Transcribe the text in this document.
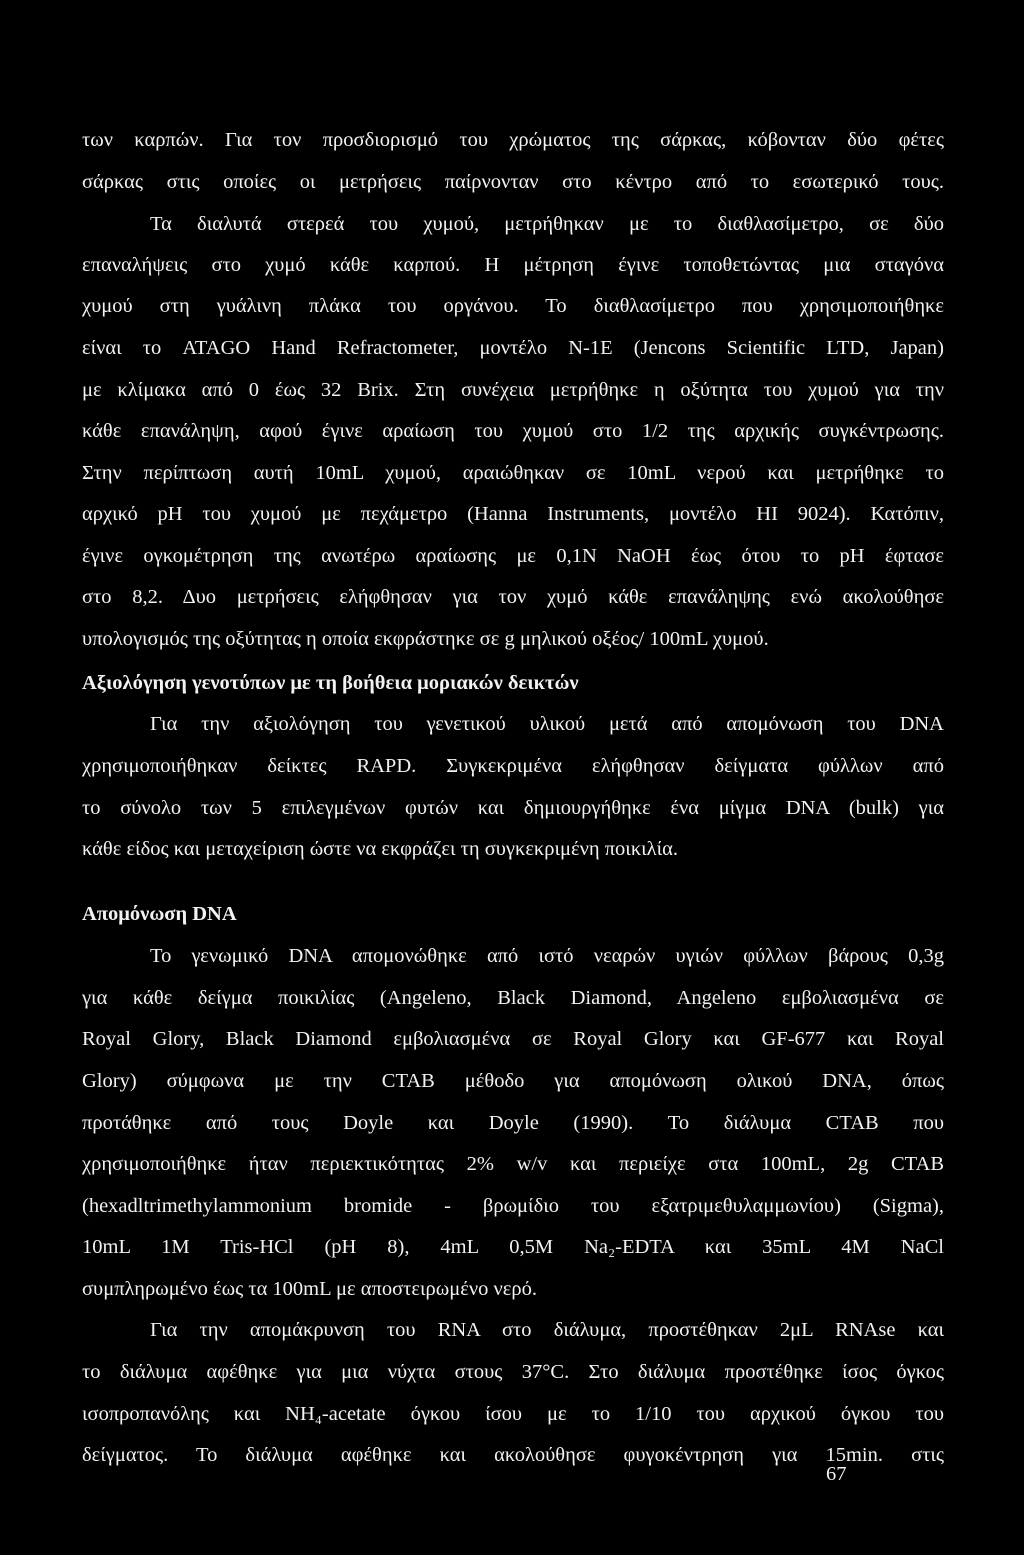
των καρπών. Για τον προσδιορισμό του χρώματος της σάρκας, κόβονταν δύο φέτες
σάρκας στις οποίες οι μετρήσεις παίρνονταν στο κέντρο από το εσωτερικό τους.
Τα διαλυτά στερεά του χυμού, μετρήθηκαν με το διαθλασίμετρο, σε δύο
επαναλήψεις στο χυμό κάθε καρπού. Η μέτρηση έγινε τοποθετώντας μια σταγόνα
χυμού στη γυάλινη πλάκα του οργάνου. Το διαθλασίμετρο που χρησιμοποιήθηκε
είναι το ATAGO Hand Refractometer, μοντέλο N-1E (Jencons Scientific LTD, Japan)
με κλίμακα από 0 έως 32 Brix. Στη συνέχεια μετρήθηκε η οξύτητα του χυμού για την
κάθε επανάληψη, αφού έγινε αραίωση του χυμού στο 1/2 της αρχικής συγκέντρωσης.
Στην περίπτωση αυτή 10mL χυμού, αραιώθηκαν σε 10mL νερού και μετρήθηκε το
αρχικό pH του χυμού με πεχάμετρο (Hanna Instruments, μοντέλο HI 9024). Κατόπιν,
έγινε ογκομέτρηση της ανωτέρω αραίωσης με 0,1N NaOH έως ότου το pH έφτασε
στο 8,2. Δυο μετρήσεις ελήφθησαν για τον χυμό κάθε επανάληψης ενώ ακολούθησε
υπολογισμός της οξύτητας η οποία εκφράστηκε σε g μηλικού οξέος/ 100mL χυμού.
Αξιολόγηση γενοτύπων με τη βοήθεια μοριακών δεικτών
Για την αξιολόγηση του γενετικού υλικού μετά από απομόνωση του DNA
χρησιμοποιήθηκαν δείκτες RAPD. Συγκεκριμένα ελήφθησαν δείγματα φύλλων από
το σύνολο των 5 επιλεγμένων φυτών και δημιουργήθηκε ένα μίγμα DNA (bulk) για
κάθε είδος και μεταχείριση ώστε να εκφράζει τη συγκεκριμένη ποικιλία.
Απομόνωση DNA
Το γενωμικό DNA απομονώθηκε από ιστό νεαρών υγιών φύλλων βάρους 0,3g
για κάθε δείγμα ποικιλίας (Angeleno, Black Diamond, Angeleno εμβολιασμένα σε
Royal Glory, Black Diamond εμβολιασμένα σε Royal Glory και GF-677 και Royal
Glory) σύμφωνα με την CTAB μέθοδο για απομόνωση ολικού DNA, όπως
προτάθηκε από τους Doyle και Doyle (1990). Το διάλυμα CTAB που
χρησιμοποιήθηκε ήταν περιεκτικότητας 2% w/v και περιείχε στα 100mL, 2g CTAB
(hexadltrimethylammonium bromide - βρωμίδιο του εξατριμεθυλαμμωνίου) (Sigma),
10mL 1M Tris-HCl (pH 8), 4mL 0,5M Na₂-EDTA και 35mL 4M NaCl
συμπληρωμένο έως τα 100mL με αποστειρωμένο νερό.
Για την απομάκρυνση του RNA στο διάλυμα, προστέθηκαν 2μL RNAse και
το διάλυμα αφέθηκε για μια νύχτα στους 37°C. Στο διάλυμα προστέθηκε ίσος όγκος
ισοπροπανόλης και NH₄-acetate όγκου ίσου με το 1/10 του αρχικού όγκου του
δείγματος. Το διάλυμα αφέθηκε και ακολούθησε φυγοκέντρηση για 15min. στις
67
